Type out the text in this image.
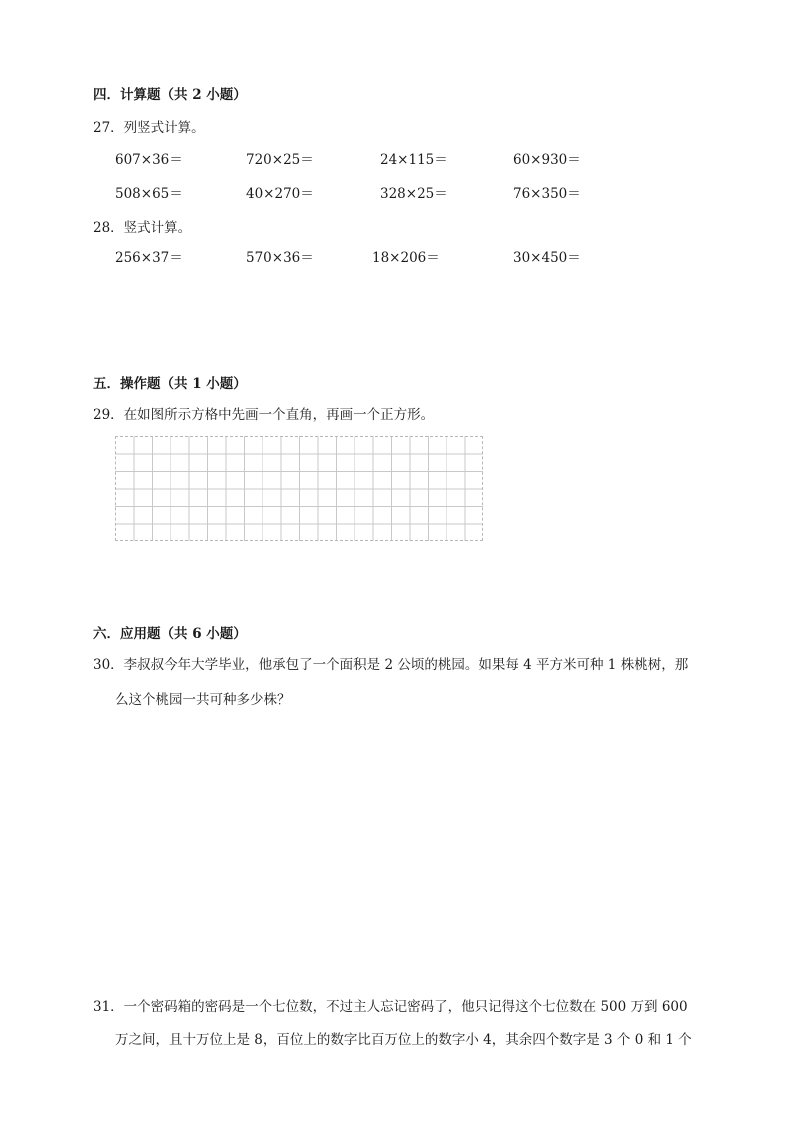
四．计算题（共 2 小题）
27．列竖式计算。
607×36＝	720×25＝	24×115＝	60×930＝
508×65＝	40×270＝	328×25＝	76×350＝
28．竖式计算。
256×37＝	570×36＝	18×206＝	30×450＝
五．操作题（共 1 小题）
29．在如图所示方格中先画一个直角，再画一个正方形。
六．应用题（共 6 小题）
30．李叔叔今年大学毕业，他承包了一个面积是 2 公顷的桃园。如果每 4 平方米可种 1 株桃树，那
么这个桃园一共可种多少株？
31．一个密码箱的密码是一个七位数，不过主人忘记密码了，他只记得这个七位数在 500 万到 600
万之间，且十万位上是 8，百位上的数字比百万位上的数字小 4，其余四个数字是 3 个 0 和 1 个
